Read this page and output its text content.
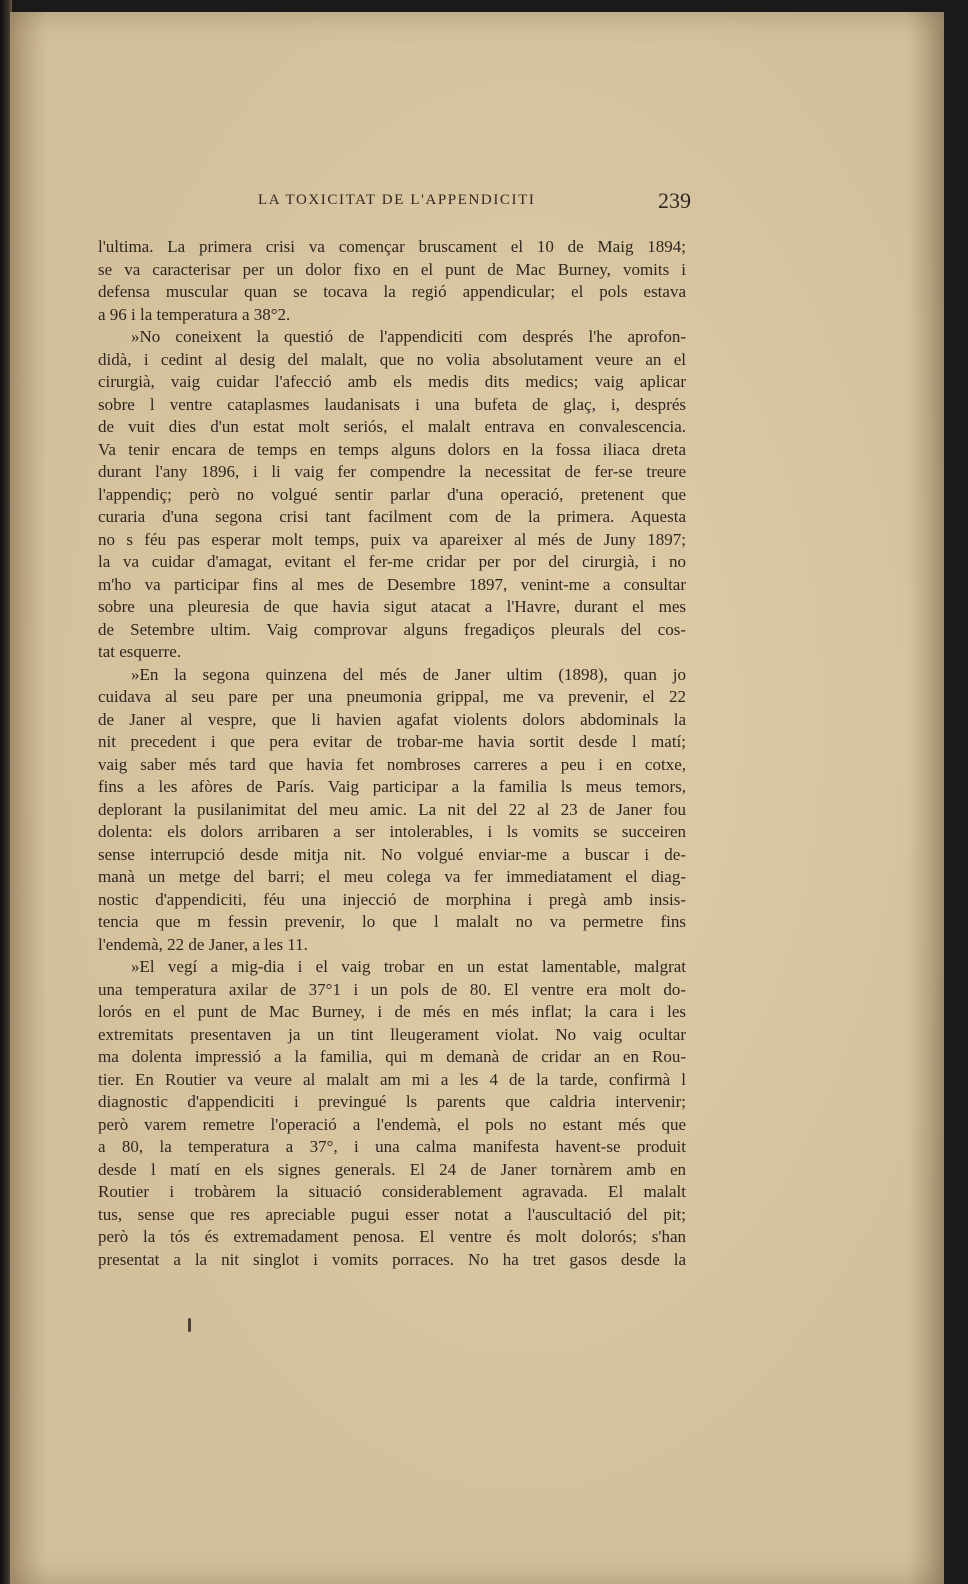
LA TOXICITAT DE L'APPENDICITI	239
l'ultima. La primera crisi va començar bruscament el 10 de Maig 1894;
se va caracterisar per un dolor fixo en el punt de Mac Burney, vomits i
defensa muscular quan se tocava la regió appendicular; el pols estava
a 96 i la temperatura a 38°2.
»No coneixent la questió de l'appendiciti com després l'he aprofon-
didà, i cedint al desig del malalt, que no volia absolutament veure an el
cirurgià, vaig cuidar l'afecció amb els medis dits medics; vaig aplicar
sobre l ventre cataplasmes laudanisats i una bufeta de glaç, i, després
de vuit dies d'un estat molt seriós, el malalt entrava en convalescencia.
Va tenir encara de temps en temps alguns dolors en la fossa iliaca dreta
durant l'any 1896, i li vaig fer compendre la necessitat de fer-se treure
l'appendiç; però no volgué sentir parlar d'una operació, pretenent que
curaria d'una segona crisi tant facilment com de la primera. Aquesta
no s féu pas esperar molt temps, puix va apareixer al més de Juny 1897;
la va cuidar d'amagat, evitant el fer-me cridar per por del cirurgià, i no
m'ho va participar fins al mes de Desembre 1897, venint-me a consultar
sobre una pleuresia de que havia sigut atacat a l'Havre, durant el mes
de Setembre ultim. Vaig comprovar alguns fregadiços pleurals del cos-
tat esquerre.
»En la segona quinzena del més de Janer ultim (1898), quan jo
cuidava al seu pare per una pneumonia grippal, me va prevenir, el 22
de Janer al vespre, que li havien agafat violents dolors abdominals la
nit precedent i que pera evitar de trobar-me havia sortit desde l matí;
vaig saber més tard que havia fet nombroses carreres a peu i en cotxe,
fins a les afòres de París. Vaig participar a la familia ls meus temors,
deplorant la pusilanimitat del meu amic. La nit del 22 al 23 de Janer fou
dolenta: els dolors arribaren a ser intolerables, i ls vomits se succeiren
sense interrupció desde mitja nit. No volgué enviar-me a buscar i de-
manà un metge del barri; el meu colega va fer immediatament el diag-
nostic d'appendiciti, féu una injecció de morphina i pregà amb insis-
tencia que m fessin prevenir, lo que l malalt no va permetre fins
l'endemà, 22 de Janer, a les 11.
»El vegí a mig-dia i el vaig trobar en un estat lamentable, malgrat
una temperatura axilar de 37°1 i un pols de 80. El ventre era molt do-
lorós en el punt de Mac Burney, i de més en més inflat; la cara i les
extremitats presentaven ja un tint lleugerament violat. No vaig ocultar
ma dolenta impressió a la familia, qui m demanà de cridar an en Rou-
tier. En Routier va veure al malalt am mi a les 4 de la tarde, confirmà l
diagnostic d'appendiciti i previngué ls parents que caldria intervenir;
però varem remetre l'operació a l'endemà, el pols no estant més que
a 80, la temperatura a 37°, i una calma manifesta havent-se produit
desde l matí en els signes generals. El 24 de Janer tornàrem amb en
Routier i trobàrem la situació considerablement agravada. El malalt
tus, sense que res apreciable pugui esser notat a l'auscultació del pit;
però la tós és extremadament penosa. El ventre és molt dolorós; s'han
presentat a la nit singlot i vomits porraces. No ha tret gasos desde la
